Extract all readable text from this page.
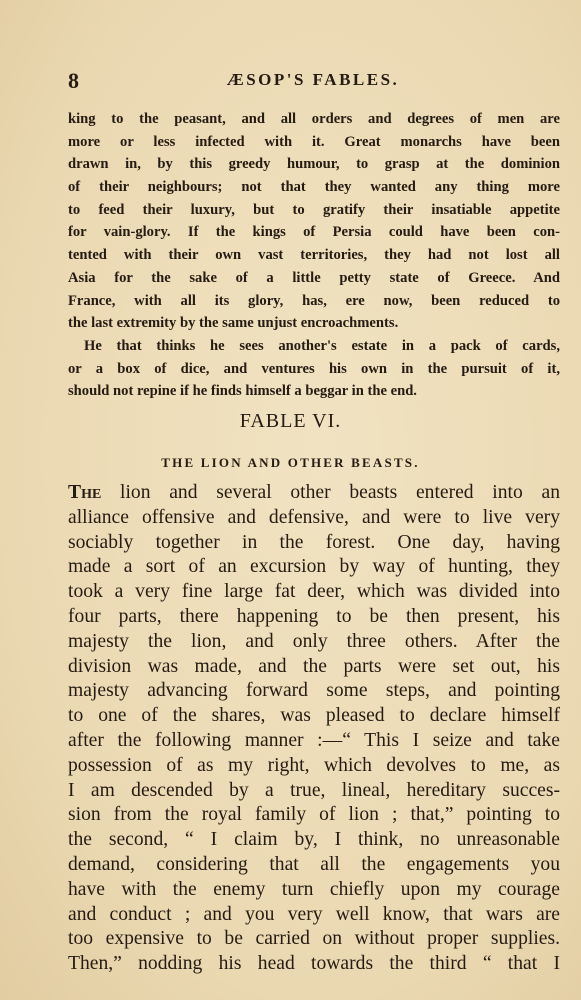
8	ÆSOP'S FABLES.
king to the peasant, and all orders and degrees of men are
more or less infected with it. Great monarchs have been
drawn in, by this greedy humour, to grasp at the dominion
of their neighbours; not that they wanted any thing more
to feed their luxury, but to gratify their insatiable appetite
for vain-glory. If the kings of Persia could have been con-
tented with their own vast territories, they had not lost all
Asia for the sake of a little petty state of Greece. And
France, with all its glory, has, ere now, been reduced to
the last extremity by the same unjust encroachments.
He that thinks he sees another's estate in a pack of cards,
or a box of dice, and ventures his own in the pursuit of it,
should not repine if he finds himself a beggar in the end.
FABLE VI.
THE LION AND OTHER BEASTS.
The lion and several other beasts entered into an
alliance offensive and defensive, and were to live very
sociably together in the forest. One day, having
made a sort of an excursion by way of hunting, they
took a very fine large fat deer, which was divided into
four parts, there happening to be then present, his
majesty the lion, and only three others. After the
division was made, and the parts were set out, his
majesty advancing forward some steps, and pointing
to one of the shares, was pleased to declare himself
after the following manner :—“ This I seize and take
possession of as my right, which devolves to me, as
I am descended by a true, lineal, hereditary succes-
sion from the royal family of lion ; that,” pointing to
the second, “ I claim by, I think, no unreasonable
demand, considering that all the engagements you
have with the enemy turn chiefly upon my courage
and conduct ; and you very well know, that wars are
too expensive to be carried on without proper supplies.
Then,” nodding his head towards the third “ that I
